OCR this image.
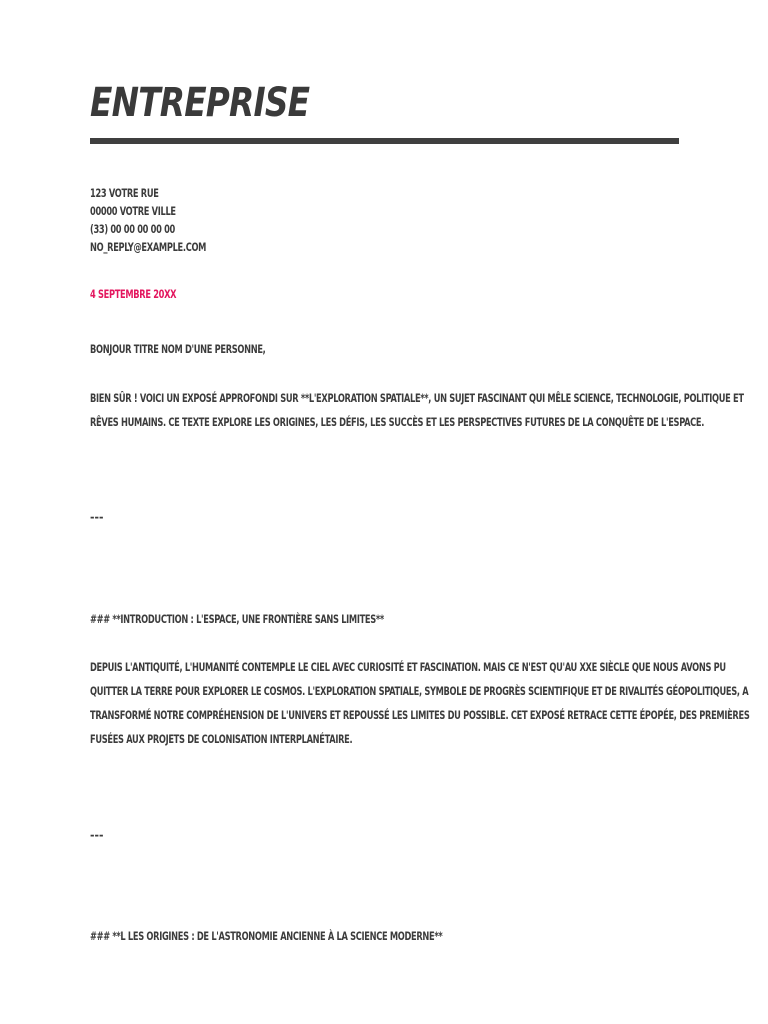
ENTREPRISE
123 VOTRE RUE
00000 VOTRE VILLE
(33) 00 00 00 00 00
NO_REPLY@EXAMPLE.COM
4 SEPTEMBRE 20XX
BONJOUR TITRE NOM D'UNE PERSONNE,
BIEN SÛR ! VOICI UN EXPOSÉ APPROFONDI SUR **L'EXPLORATION SPATIALE**, UN SUJET FASCINANT QUI MÊLE SCIENCE, TECHNOLOGIE, POLITIQUE ET
RÊVES HUMAINS. CE TEXTE EXPLORE LES ORIGINES, LES DÉFIS, LES SUCCÈS ET LES PERSPECTIVES FUTURES DE LA CONQUÊTE DE L'ESPACE.
---
### **INTRODUCTION : L'ESPACE, UNE FRONTIÈRE SANS LIMITES**
DEPUIS L'ANTIQUITÉ, L'HUMANITÉ CONTEMPLE LE CIEL AVEC CURIOSITÉ ET FASCINATION. MAIS CE N'EST QU'AU XXE SIÈCLE QUE NOUS AVONS PU
QUITTER LA TERRE POUR EXPLORER LE COSMOS. L'EXPLORATION SPATIALE, SYMBOLE DE PROGRÈS SCIENTIFIQUE ET DE RIVALITÉS GÉOPOLITIQUES, A
TRANSFORMÉ NOTRE COMPRÉHENSION DE L'UNIVERS ET REPOUSSÉ LES LIMITES DU POSSIBLE. CET EXPOSÉ RETRACE CETTE ÉPOPÉE, DES PREMIÈRES
FUSÉES AUX PROJETS DE COLONISATION INTERPLANÉTAIRE.
---
### **L LES ORIGINES : DE L'ASTRONOMIE ANCIENNE À LA SCIENCE MODERNE**
